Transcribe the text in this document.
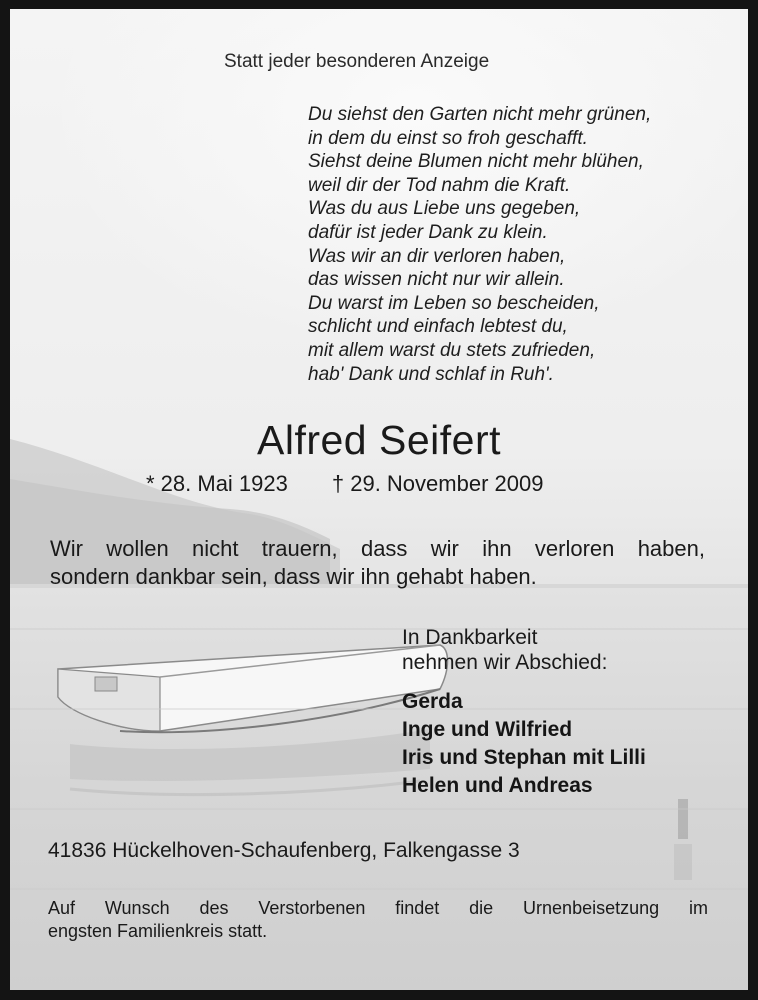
Statt jeder besonderen Anzeige
Du siehst den Garten nicht mehr grünen,
in dem du einst so froh geschafft.
Siehst deine Blumen nicht mehr blühen,
weil dir der Tod nahm die Kraft.
Was du aus Liebe uns gegeben,
dafür ist jeder Dank zu klein.
Was wir an dir verloren haben,
das wissen nicht nur wir allein.
Du warst im Leben so bescheiden,
schlicht und einfach lebtest du,
mit allem warst du stets zufrieden,
hab' Dank und schlaf in Ruh'.
Alfred Seifert
* 28. Mai 1923 † 29. November 2009
Wir wollen nicht trauern, dass wir ihn verloren haben,
sondern dankbar sein, dass wir ihn gehabt haben.
In Dankbarkeit
nehmen wir Abschied:
Gerda
Inge und Wilfried
Iris und Stephan mit Lilli
Helen und Andreas
41836 Hückelhoven-Schaufenberg, Falkengasse 3
Auf Wunsch des Verstorbenen findet die Urnenbeisetzung im
engsten Familienkreis statt.
